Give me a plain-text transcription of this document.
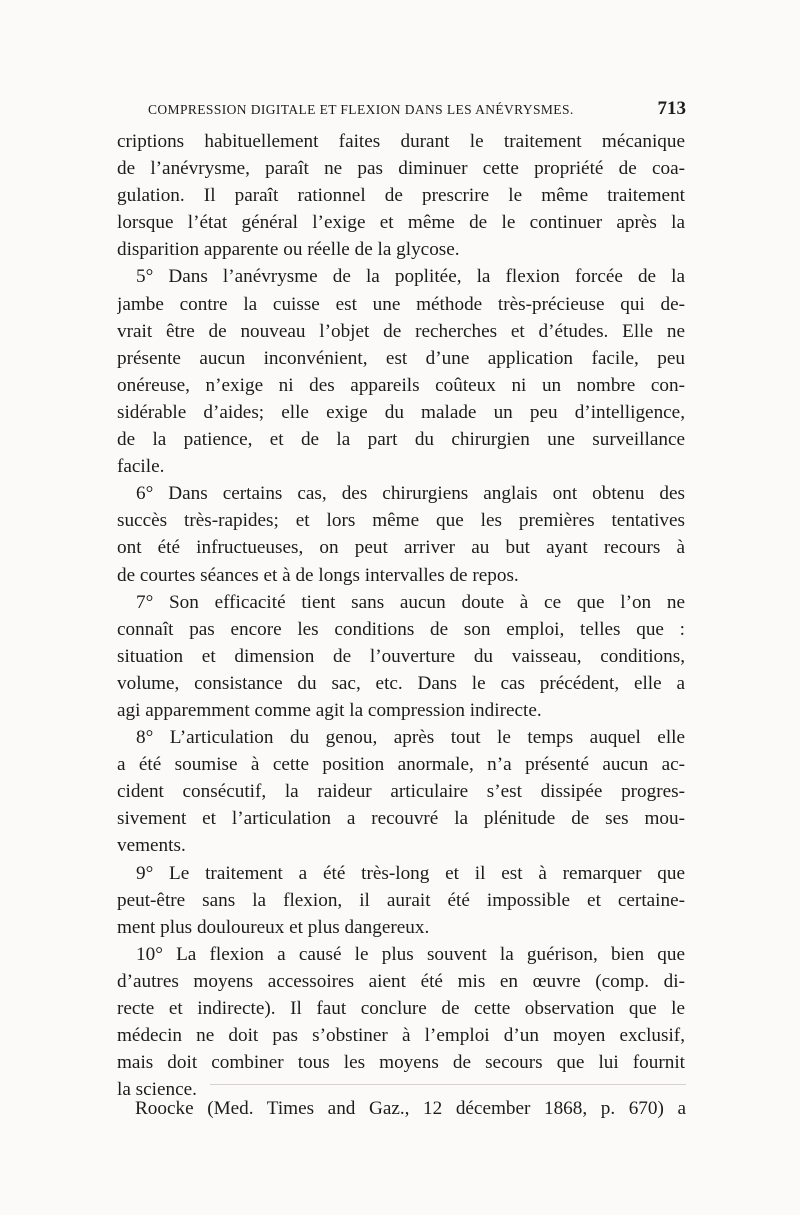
COMPRESSION DIGITALE ET FLEXION DANS LES ANÉVRYSMES.	713
criptions habituellement faites durant le traitement mécanique
de l’anévrysme, paraît ne pas diminuer cette propriété de coa-
gulation. Il paraît rationnel de prescrire le même traitement
lorsque l’état général l’exige et même de le continuer après la
disparition apparente ou réelle de la glycose.
5° Dans l’anévrysme de la poplitée, la flexion forcée de la
jambe contre la cuisse est une méthode très-précieuse qui de-
vrait être de nouveau l’objet de recherches et d’études. Elle ne
présente aucun inconvénient, est d’une application facile, peu
onéreuse, n’exige ni des appareils coûteux ni un nombre con-
sidérable d’aides; elle exige du malade un peu d’intelligence,
de la patience, et de la part du chirurgien une surveillance
facile.
6° Dans certains cas, des chirurgiens anglais ont obtenu des
succès très-rapides; et lors même que les premières tentatives
ont été infructueuses, on peut arriver au but ayant recours à
de courtes séances et à de longs intervalles de repos.
7° Son efficacité tient sans aucun doute à ce que l’on ne
connaît pas encore les conditions de son emploi, telles que :
situation et dimension de l’ouverture du vaisseau, conditions,
volume, consistance du sac, etc. Dans le cas précédent, elle a
agi apparemment comme agit la compression indirecte.
8° L’articulation du genou, après tout le temps auquel elle
a été soumise à cette position anormale, n’a présenté aucun ac-
cident consécutif, la raideur articulaire s’est dissipée progres-
sivement et l’articulation a recouvré la plénitude de ses mou-
vements.
9° Le traitement a été très-long et il est à remarquer que
peut-être sans la flexion, il aurait été impossible et certaine-
ment plus douloureux et plus dangereux.
10° La flexion a causé le plus souvent la guérison, bien que
d’autres moyens accessoires aient été mis en œuvre (comp. di-
recte et indirecte). Il faut conclure de cette observation que le
médecin ne doit pas s’obstiner à l’emploi d’un moyen exclusif,
mais doit combiner tous les moyens de secours que lui fournit
la science.
Roocke (Med. Times and Gaz., 12 décember 1868, p. 670) a
